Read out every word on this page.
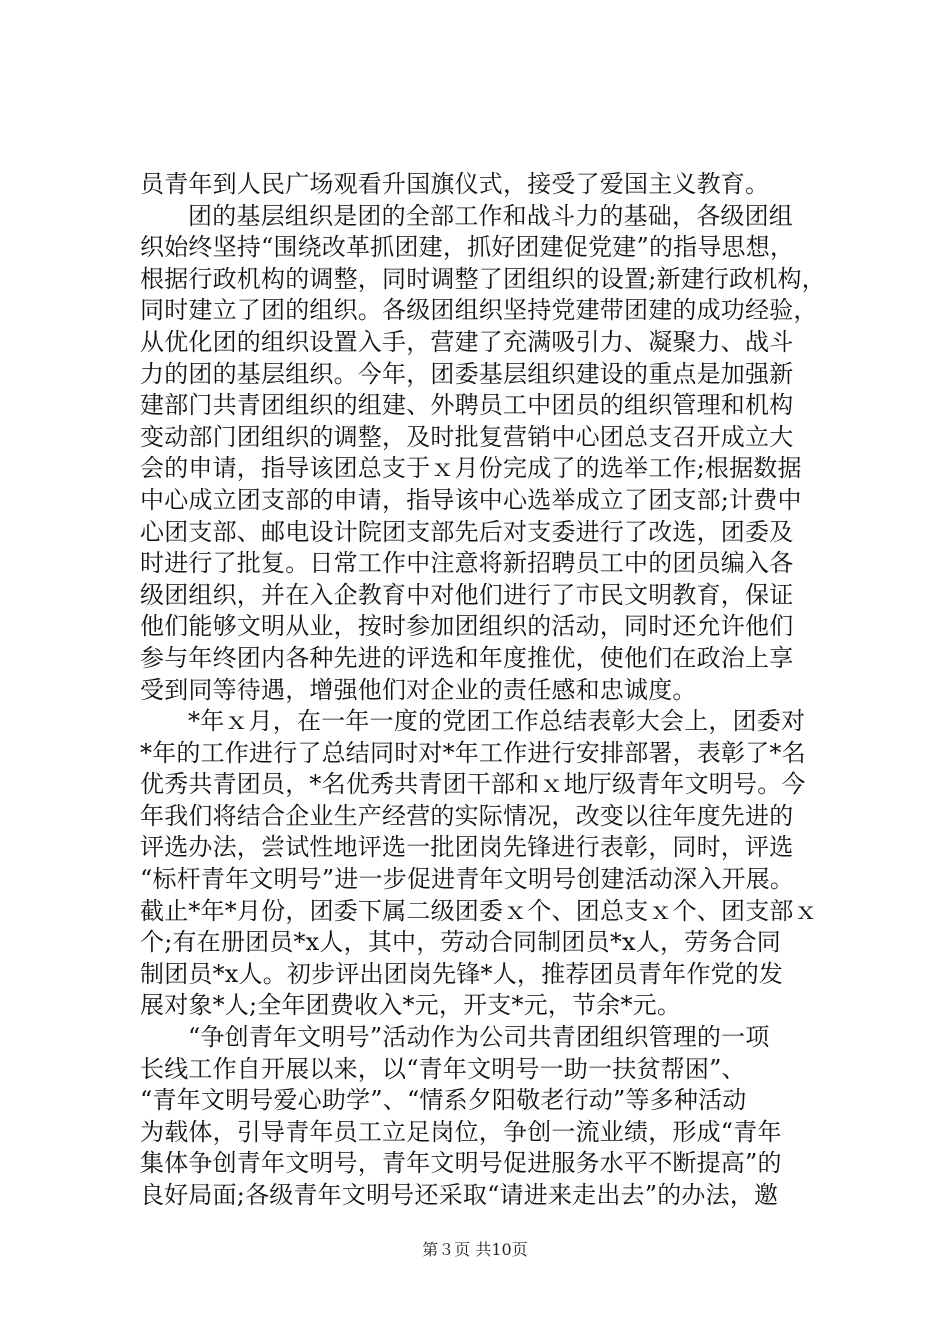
员青年到人民广场观看升国旗仪式，接受了爱国主义教育。
团的基层组织是团的全部工作和战斗力的基础，各级团组
织始终坚持“围绕改革抓团建，抓好团建促党建”的指导思想，
根据行政机构的调整，同时调整了团组织的设置;新建行政机构，
同时建立了团的组织。各级团组织坚持党建带团建的成功经验，
从优化团的组织设置入手，营建了充满吸引力、凝聚力、战斗
力的团的基层组织。今年，团委基层组织建设的重点是加强新
建部门共青团组织的组建、外聘员工中团员的组织管理和机构
变动部门团组织的调整，及时批复营销中心团总支召开成立大
会的申请，指导该团总支于ｘ月份完成了的选举工作;根据数据
中心成立团支部的申请，指导该中心选举成立了团支部;计费中
心团支部、邮电设计院团支部先后对支委进行了改选，团委及
时进行了批复。日常工作中注意将新招聘员工中的团员编入各
级团组织，并在入企教育中对他们进行了市民文明教育，保证
他们能够文明从业，按时参加团组织的活动，同时还允许他们
参与年终团内各种先进的评选和年度推优，使他们在政治上享
受到同等待遇，增强他们对企业的责任感和忠诚度。
*年ｘ月，在一年一度的党团工作总结表彰大会上，团委对
*年的工作进行了总结同时对*年工作进行安排部署，表彰了*名
优秀共青团员，*名优秀共青团干部和ｘ地厅级青年文明号。今
年我们将结合企业生产经营的实际情况，改变以往年度先进的
评选办法，尝试性地评选一批团岗先锋进行表彰，同时，评选
“标杆青年文明号”进一步促进青年文明号创建活动深入开展。
截止*年*月份，团委下属二级团委ｘ个、团总支ｘ个、团支部ｘ
个;有在册团员*x人，其中，劳动合同制团员*x人，劳务合同
制团员*x人。初步评出团岗先锋*人，推荐团员青年作党的发
展对象*人;全年团费收入*元，开支*元，节余*元。
“争创青年文明号”活动作为公司共青团组织管理的一项
长线工作自开展以来，以“青年文明号一助一扶贫帮困”、
“青年文明号爱心助学”、“情系夕阳敬老行动”等多种活动
为载体，引导青年员工立足岗位，争创一流业绩，形成“青年
集体争创青年文明号，青年文明号促进服务水平不断提高”的
良好局面;各级青年文明号还采取“请进来走出去”的办法，邀
第３页 共10页
